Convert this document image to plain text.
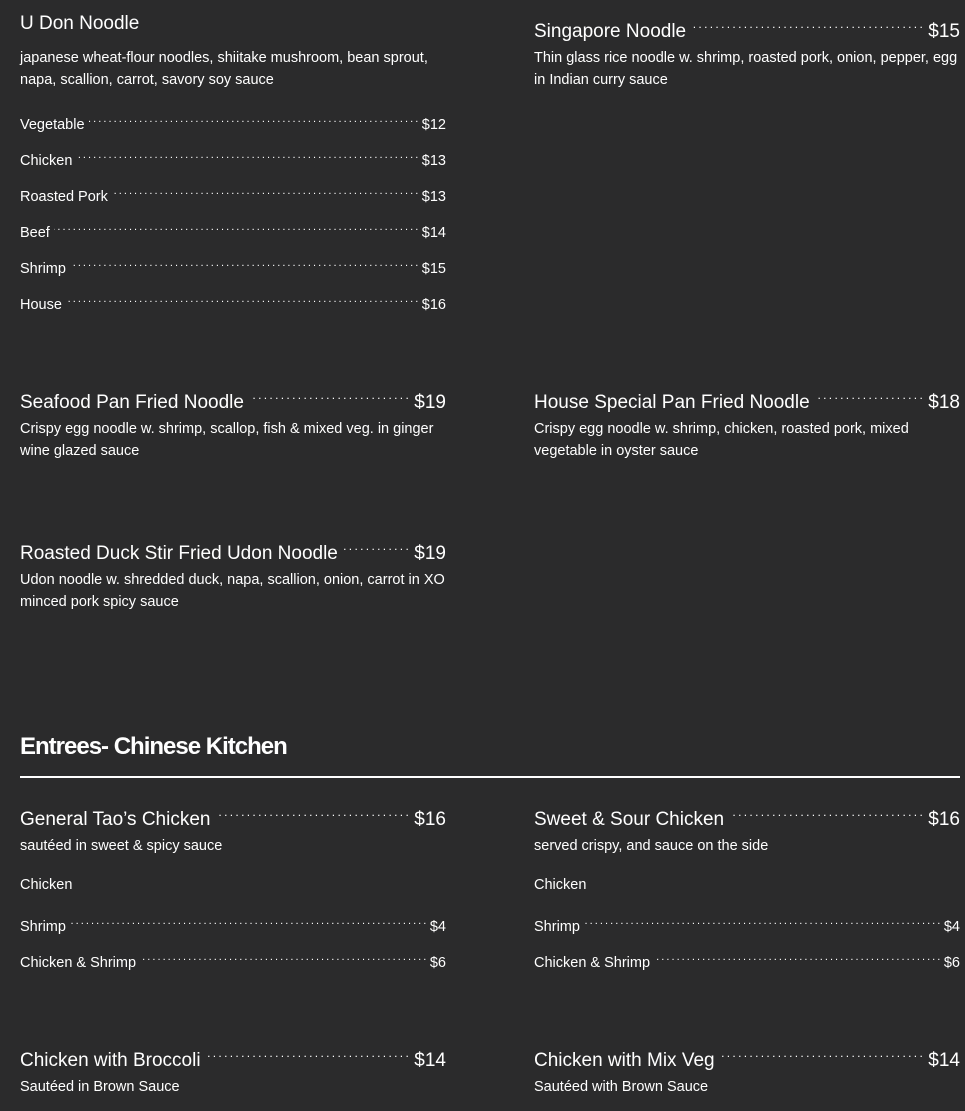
U Don Noodle
japanese wheat-flour noodles, shiitake mushroom, bean sprout, napa, scallion, carrot, savory soy sauce
Vegetable . . .	$12
Chicken . . .	$13
Roasted Pork . . .	$13
Beef . . .	$14
Shrimp . . .	$15
House . . .	$16
Singapore Noodle . . .	$15
Thin glass rice noodle w. shrimp, roasted pork, onion, pepper, egg in Indian curry sauce
Seafood Pan Fried Noodle . . .	$19
Crispy egg noodle w. shrimp, scallop, fish & mixed veg. in ginger wine glazed sauce
House Special Pan Fried Noodle . . .	$18
Crispy egg noodle w. shrimp, chicken, roasted pork, mixed vegetable in oyster sauce
Roasted Duck Stir Fried Udon Noodle . . .	$19
Udon noodle w. shredded duck, napa, scallion, onion, carrot in XO minced pork spicy sauce
Entrees- Chinese Kitchen
General Tao’s Chicken . . .	$16
sautéed in sweet & spicy sauce
Chicken
Shrimp . . .	$4
Chicken & Shrimp . . .	$6
Sweet & Sour Chicken . . .	$16
served crispy, and sauce on the side
Chicken
Shrimp . . .	$4
Chicken & Shrimp . . .	$6
Chicken with Broccoli . . .	$14
Sautéed in Brown Sauce
Chicken with Mix Veg . . .	$14
Sautéed with Brown Sauce
